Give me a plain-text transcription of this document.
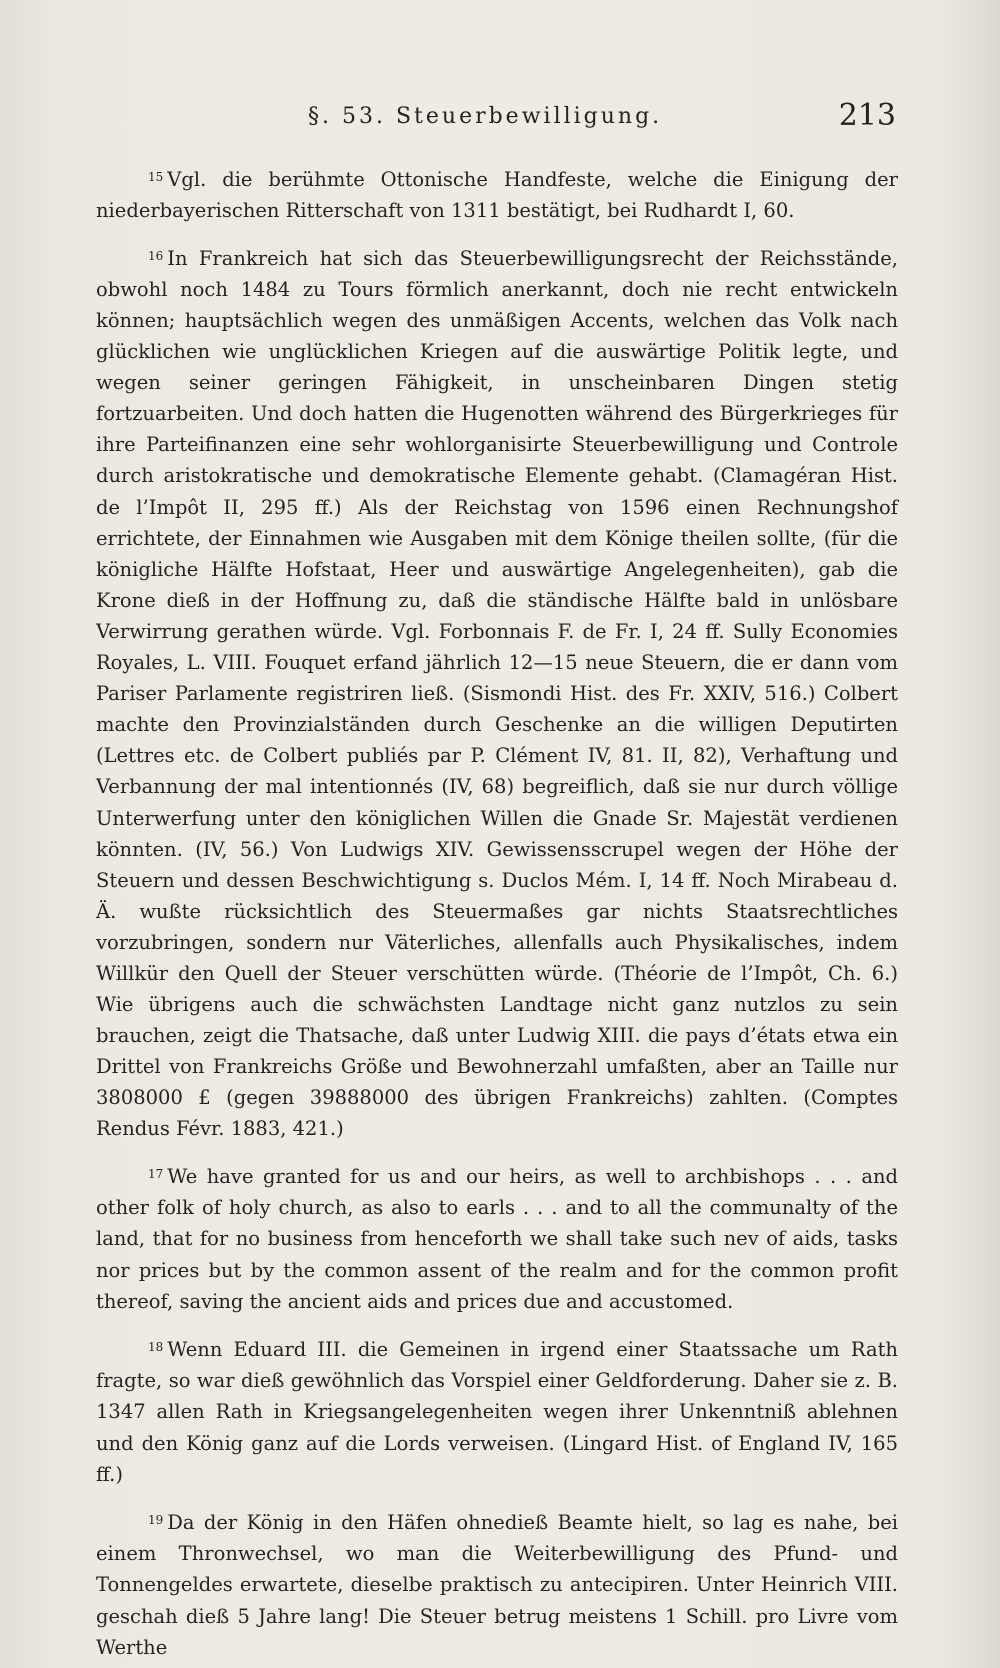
§. 53. Steuerbewilligung.	213

$^{15}$ Vgl. die berühmte Ottonische Handfeste, welche die Einigung der niederbayerischen Ritterschaft von 1311 bestätigt, bei Rudhardt I, 60.

$^{16}$ In Frankreich hat sich das Steuerbewilligungsrecht der Reichsstände, obwohl noch 1484 zu Tours förmlich anerkannt, doch nie recht entwickeln können; hauptsächlich wegen des unmäßigen Accents, welchen das Volk nach glücklichen wie unglücklichen Kriegen auf die auswärtige Politik legte, und wegen seiner geringen Fähigkeit, in unscheinbaren Dingen stetig fortzuarbeiten. Und doch hatten die Hugenotten während des Bürgerkrieges für ihre Parteifinanzen eine sehr wohlorganisirte Steuerbewilligung und Controle durch aristokratische und demokratische Elemente gehabt. (Clamagéran Hist. de l’Impôt II, 295 ff.) Als der Reichstag von 1596 einen Rechnungshof errichtete, der Einnahmen wie Ausgaben mit dem Könige theilen sollte, (für die königliche Hälfte Hofstaat, Heer und auswärtige Angelegenheiten), gab die Krone dieß in der Hoffnung zu, daß die ständische Hälfte bald in unlösbare Verwirrung gerathen würde. Vgl. Forbonnais F. de Fr. I, 24 ff. Sully Economies Royales, L. VIII. Fouquet erfand jährlich 12—15 neue Steuern, die er dann vom Pariser Parlamente registriren ließ. (Sismondi Hist. des Fr. XXIV, 516.) Colbert machte den Provinzialständen durch Geschenke an die willigen Deputirten (Lettres etc. de Colbert publiés par P. Clément IV, 81. II, 82), Verhaftung und Verbannung der mal intentionnés (IV, 68) begreiflich, daß sie nur durch völlige Unterwerfung unter den königlichen Willen die Gnade Sr. Majestät verdienen könnten. (IV, 56.) Von Ludwigs XIV. Gewissensscrupel wegen der Höhe der Steuern und dessen Beschwichtigung s. Duclos Mém. I, 14 ff. Noch Mirabeau d. Ä. wußte rücksichtlich des Steuermaßes gar nichts Staatsrechtliches vorzubringen, sondern nur Väterliches, allenfalls auch Physikalisches, indem Willkür den Quell der Steuer verschütten würde. (Théorie de l’Impôt, Ch. 6.) Wie übrigens auch die schwächsten Landtage nicht ganz nutzlos zu sein brauchen, zeigt die Thatsache, daß unter Ludwig XIII. die pays d’états etwa ein Drittel von Frankreichs Größe und Bewohnerzahl umfaßten, aber an Taille nur 3808000 £ (gegen 39888000 des übrigen Frankreichs) zahlten. (Comptes Rendus Févr. 1883, 421.)

$^{17}$ We have granted for us and our heirs, as well to archbishops . . . and other folk of holy church, as also to earls . . . and to all the communalty of the land, that for no business from henceforth we shall take such nev of aids, tasks nor prices but by the common assent of the realm and for the common profit thereof, saving the ancient aids and prices due and accustomed.

$^{18}$ Wenn Eduard III. die Gemeinen in irgend einer Staatssache um Rath fragte, so war dieß gewöhnlich das Vorspiel einer Geldforderung. Daher sie z. B. 1347 allen Rath in Kriegsangelegenheiten wegen ihrer Unkenntniß ablehnen und den König ganz auf die Lords verweisen. (Lingard Hist. of England IV, 165 ff.)

$^{19}$ Da der König in den Häfen ohnedieß Beamte hielt, so lag es nahe, bei einem Thronwechsel, wo man die Weiterbewilligung des Pfund- und Tonnengeldes erwartete, dieselbe praktisch zu antecipiren. Unter Heinrich VIII. geschah dieß 5 Jahre lang! Die Steuer betrug meistens 1 Schill. pro Livre vom Werthe
